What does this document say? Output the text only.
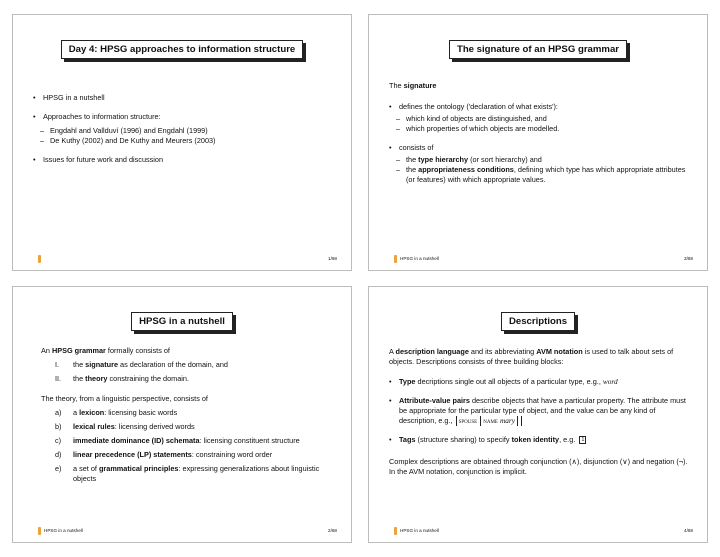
Day 4: HPSG approaches to information structure

• HPSG in a nutshell

• Approaches to information structure:

– Engdahl and Vallduví (1996) and Engdahl (1999)

– De Kuthy (2002) and De Kuthy and Meurers (2003)

• Issues for future work and discussion

1/68
The signature of an HPSG grammar

The signature

• defines the ontology ('declaration of what exists'):

– which kind of objects are distinguished, and

– which properties of which objects are modelled.

• consists of

– the type hierarchy (or sort hierarchy) and

– the appropriateness conditions, defining which type has which appropriate attributes (or features) with which appropriate values.

HPSG in a nutshell	3/68
HPSG in a nutshell

An HPSG grammar formally consists of

I. the signature as declaration of the domain, and

II. the theory constraining the domain.

The theory, from a linguistic perspective, consists of

a) a lexicon: licensing basic words

b) lexical rules: licensing derived words

c) immediate dominance (ID) schemata: licensing constituent structure

d) linear precedence (LP) statements: constraining word order

e) a set of grammatical principles: expressing generalizations about linguistic objects

HPSG in a nutshell	2/68
Descriptions

A description language and its abbreviating AVM notation is used to talk about sets of objects. Descriptions consists of three building blocks:

• Type decriptions single out all objects of a particular type, e.g., word

• Attribute-value pairs describe objects that have a particular property. The attribute must be appropriate for the particular type of object, and the value can be any kind of description, e.g., spouse name mary

• Tags (structure sharing) to specify token identity, e.g. 1

Complex descriptions are obtained through conjunction (∧), disjunction (∨) and negation (¬). In the AVM notation, conjunction is implicit.

HPSG in a nutshell	4/68
